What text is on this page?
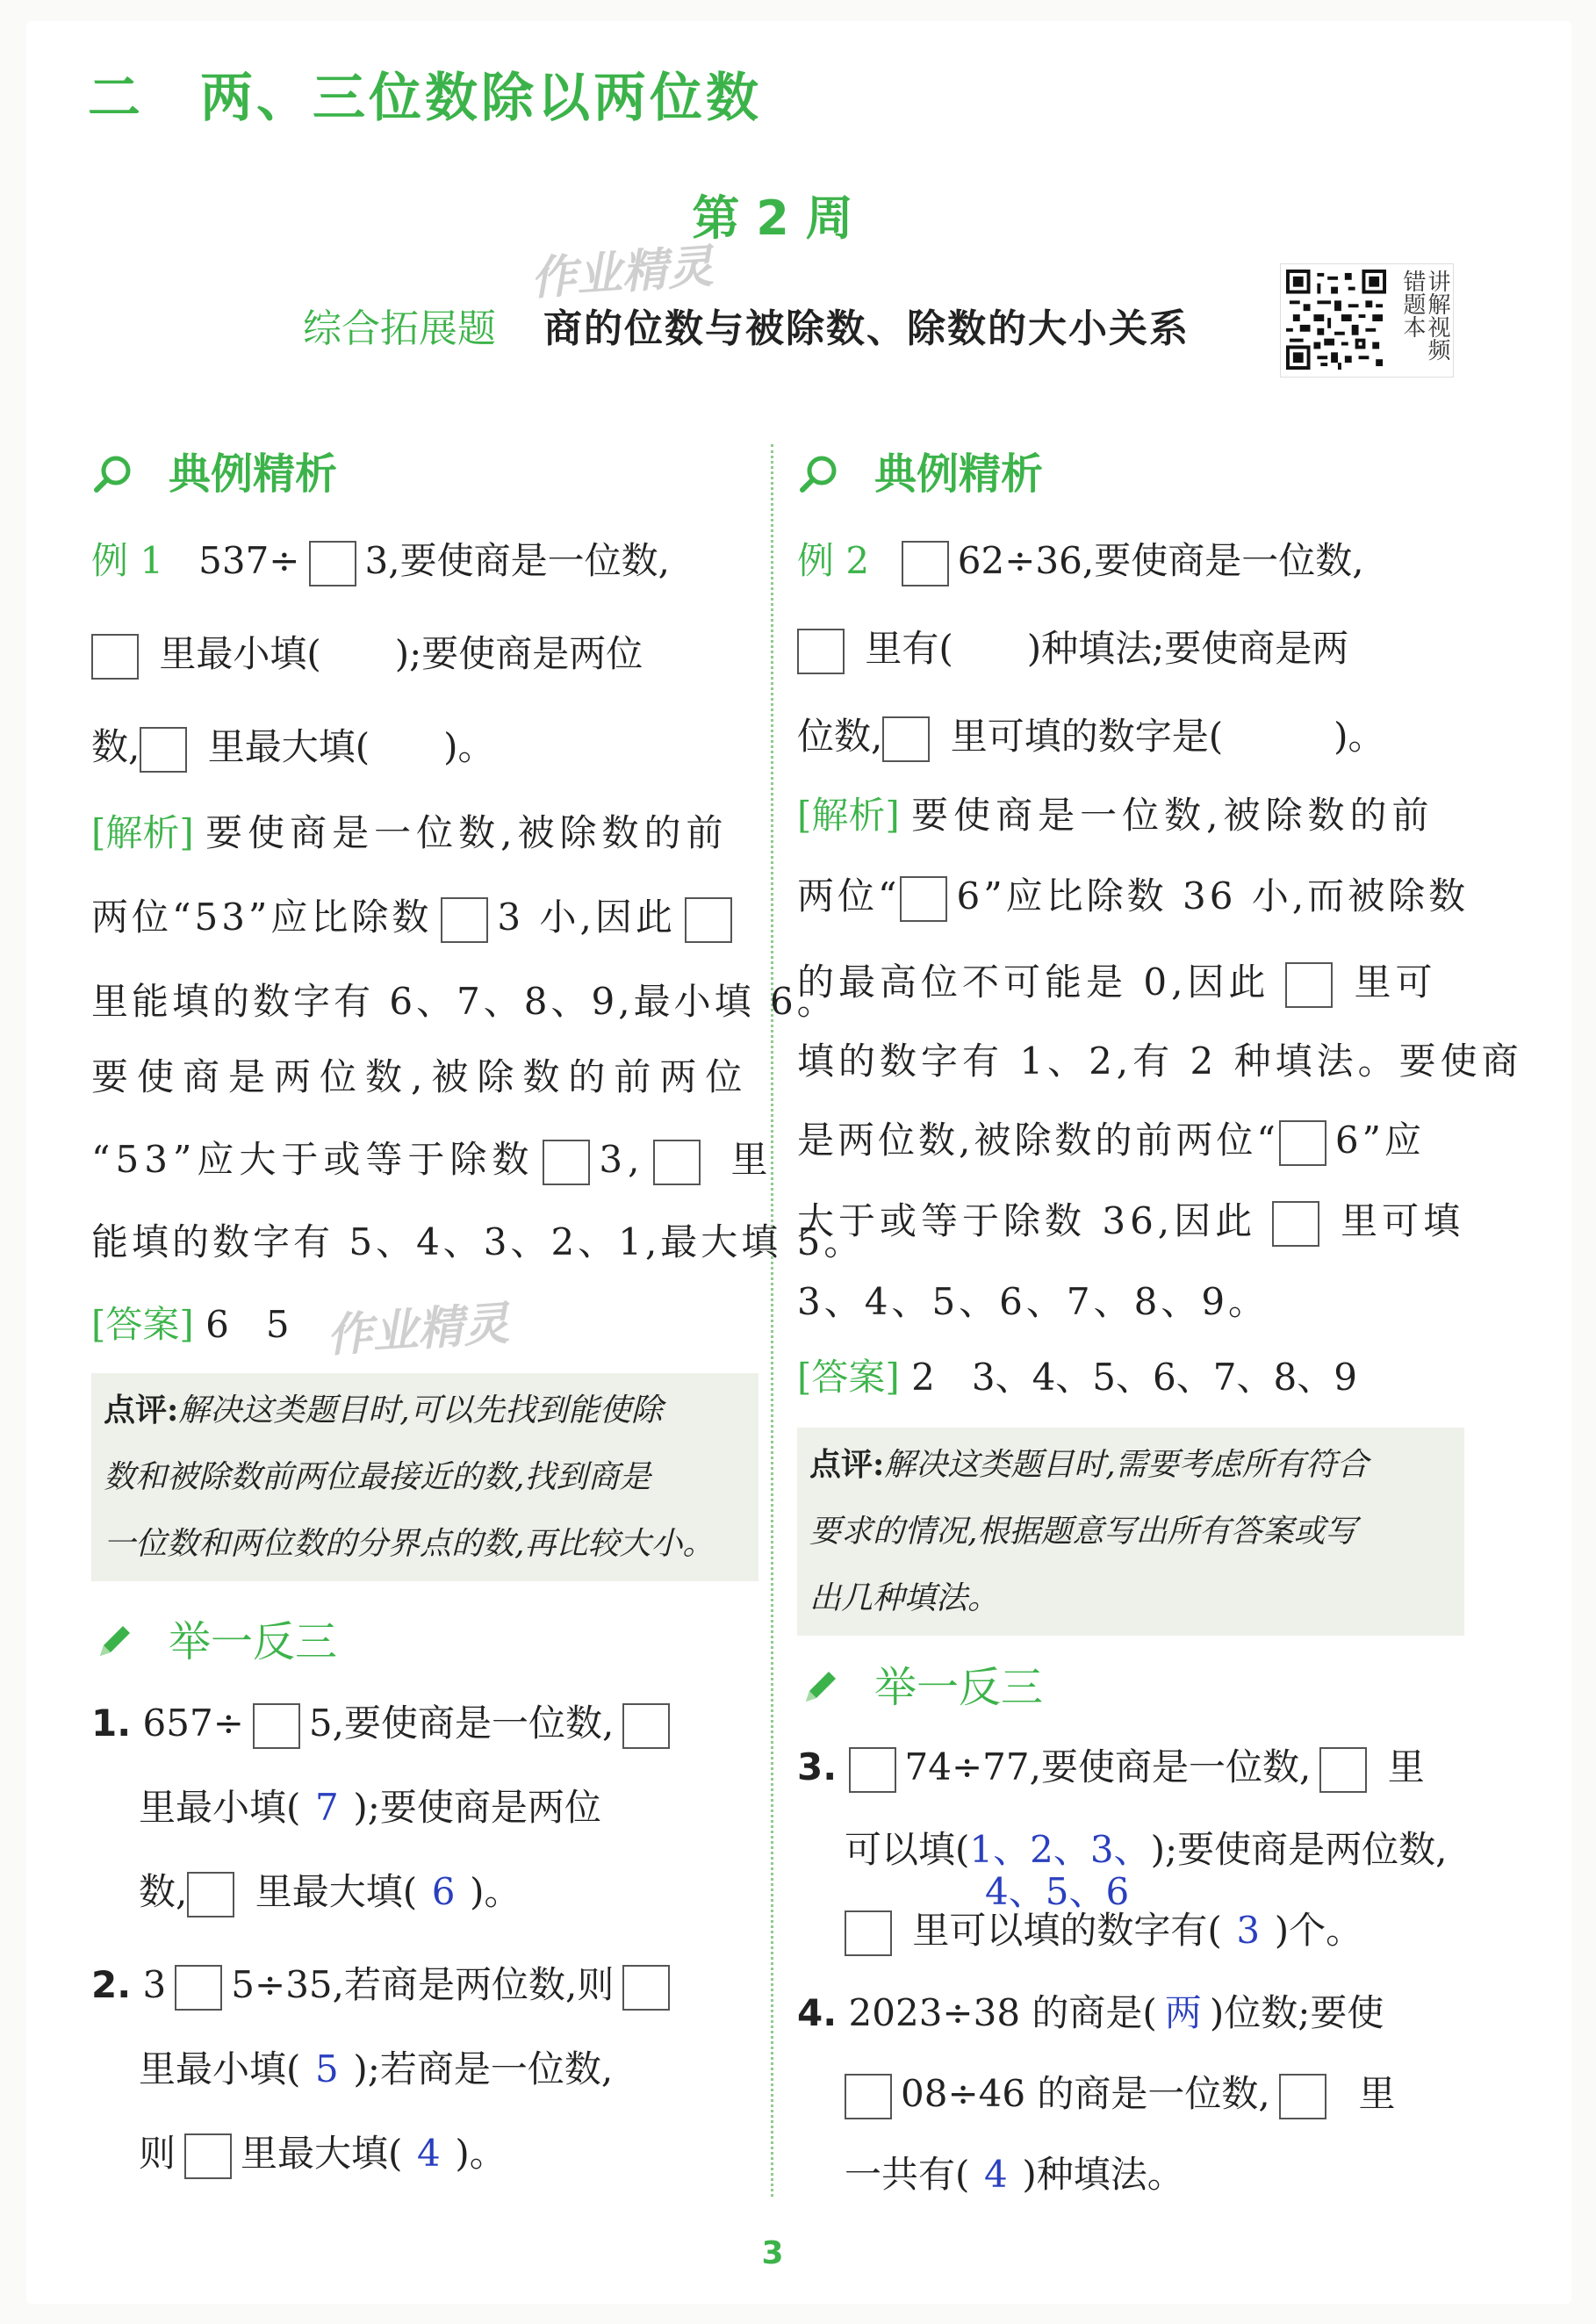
二 两、三位数除以两位数
第 2 周
作业精灵
综合拓展题 商的位数与被除数、除数的大小关系	讲解视频错题本
典例精析
例 1 537÷ 3,要使商是一位数,
里最小填(　　);要使商是两位
数, 里最大填(　　)。
[解析] 要使商是一位数,被除数的前
两位“53”应比除数 3 小,因此
里能填的数字有 6、7、8、9,最小填 6。
要使商是两位数,被除数的前两位
“53”应大于或等于除数 3, 里
能填的数字有 5、4、3、2、1,最大填 5。
[答案] 6　5 作业精灵
点评:解决这类题目时,可以先找到能使除
数和被除数前两位最接近的数,找到商是
一位数和两位数的分界点的数,再比较大小。
举一反三
1. 657÷ 5,要使商是一位数,
里最小填( 7 );要使商是两位
数, 里最大填( 6 )。
2. 3 5÷35,若商是两位数,则
里最小填( 5 );若商是一位数,
则 里最大填( 4 )。
典例精析
例 2 62÷36,要使商是一位数,
里有(　　)种填法;要使商是两
位数, 里可填的数字是(　　　)。
[解析] 要使商是一位数,被除数的前
两位“ 6”应比除数 36 小,而被除数
的最高位不可能是 0,因此 里可
填的数字有 1、2,有 2 种填法。要使商
是两位数,被除数的前两位“ 6”应
大于或等于除数 36,因此 里可填
3、4、5、6、7、8、9。
[答案] 2　3、4、5、6、7、8、9
点评:解决这类题目时,需要考虑所有符合
要求的情况,根据题意写出所有答案或写
出几种填法。
举一反三
3. 74÷77,要使商是一位数, 里
可以填(1、2、3、);要使商是两位数,
4、5、6
里可以填的数字有( 3 )个。
4. 2023÷38 的商是( 两 )位数;要使
08÷46 的商是一位数, 里
一共有( 4 )种填法。
3
